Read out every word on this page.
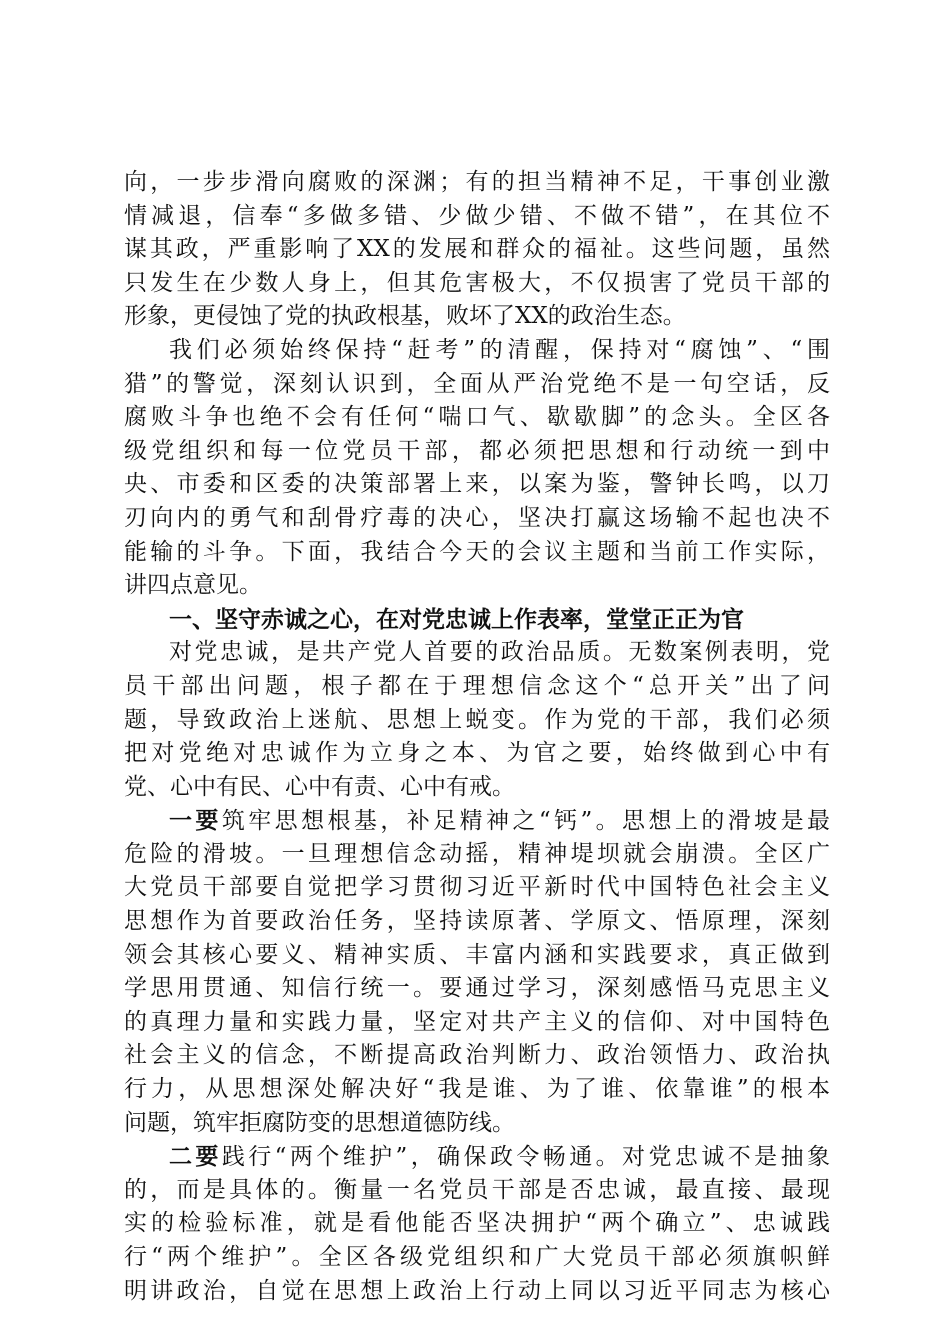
向，一步步滑向腐败的深渊；有的担当精神不足，干事创业激
情减退，信奉“多做多错、少做少错、不做不错”，在其位不
谋其政，严重影响了XX的发展和群众的福祉。这些问题，虽然
只发生在少数人身上，但其危害极大，不仅损害了党员干部的
形象，更侵蚀了党的执政根基，败坏了XX的政治生态。
我们必须始终保持“赶考”的清醒，保持对“腐蚀”、“围
猎”的警觉，深刻认识到，全面从严治党绝不是一句空话，反
腐败斗争也绝不会有任何“喘口气、歇歇脚”的念头。全区各
级党组织和每一位党员干部，都必须把思想和行动统一到中
央、市委和区委的决策部署上来，以案为鉴，警钟长鸣，以刀
刃向内的勇气和刮骨疗毒的决心，坚决打赢这场输不起也决不
能输的斗争。下面，我结合今天的会议主题和当前工作实际，
讲四点意见。
一、坚守赤诚之心，在对党忠诚上作表率，堂堂正正为官
对党忠诚，是共产党人首要的政治品质。无数案例表明，党
员干部出问题，根子都在于理想信念这个“总开关”出了问
题，导致政治上迷航、思想上蜕变。作为党的干部，我们必须
把对党绝对忠诚作为立身之本、为官之要，始终做到心中有
党、心中有民、心中有责、心中有戒。
一要筑牢思想根基，补足精神之“钙”。思想上的滑坡是最
危险的滑坡。一旦理想信念动摇，精神堤坝就会崩溃。全区广
大党员干部要自觉把学习贯彻习近平新时代中国特色社会主义
思想作为首要政治任务，坚持读原著、学原文、悟原理，深刻
领会其核心要义、精神实质、丰富内涵和实践要求，真正做到
学思用贯通、知信行统一。要通过学习，深刻感悟马克思主义
的真理力量和实践力量，坚定对共产主义的信仰、对中国特色
社会主义的信念，不断提高政治判断力、政治领悟力、政治执
行力，从思想深处解决好“我是谁、为了谁、依靠谁”的根本
问题，筑牢拒腐防变的思想道德防线。
二要践行“两个维护”，确保政令畅通。对党忠诚不是抽象
的，而是具体的。衡量一名党员干部是否忠诚，最直接、最现
实的检验标准，就是看他能否坚决拥护“两个确立”、忠诚践
行“两个维护”。全区各级党组织和广大党员干部必须旗帜鲜
明讲政治，自觉在思想上政治上行动上同以习近平同志为核心
